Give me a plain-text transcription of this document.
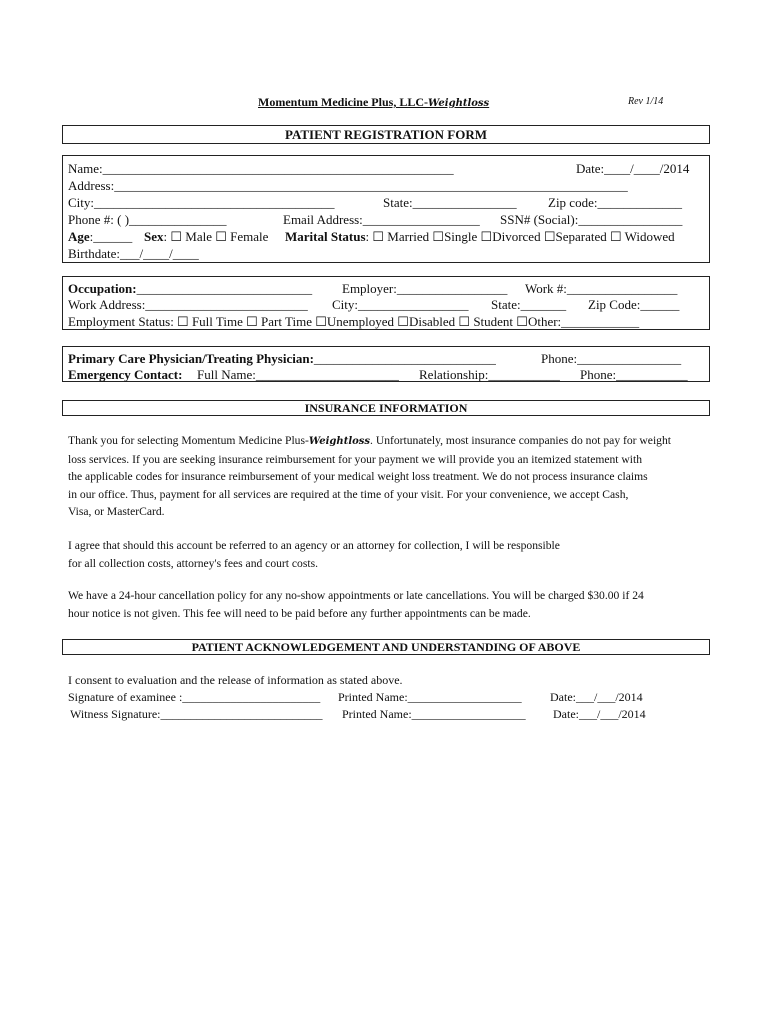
Momentum Medicine Plus, LLC-Weightloss	Rev 1/14
PATIENT REGISTRATION FORM
Name:______________________________________________________	Date:____/____/2014
Address:_______________________________________________________________________________
City:_____________________________________	State:________________ Zip code:_____________
Phone #: ( )_______________	Email Address:__________________ SSN# (Social):________________
Age:______ Sex: ☐ Male ☐ Female Marital Status: ☐ Married ☐Single ☐Divorced ☐Separated ☐ Widowed
Birthdate:___/____/____
Occupation:___________________________ Employer:_________________ Work #:_________________
Work Address:_________________________ City:_________________ State:_______ Zip Code:______
Employment Status: ☐ Full Time ☐ Part Time ☐Unemployed ☐Disabled ☐ Student ☐Other:____________
Primary Care Physician/Treating Physician:____________________________	Phone:________________
Emergency Contact: Full Name:______________________ Relationship:___________ Phone:___________
INSURANCE INFORMATION
Thank you for selecting Momentum Medicine Plus-Weightloss. Unfortunately, most insurance companies do not pay for weight
loss services. If you are seeking insurance reimbursement for your payment we will provide you an itemized statement with
the applicable codes for insurance reimbursement of your medical weight loss treatment. We do not process insurance claims
in our office. Thus, payment for all services are required at the time of your visit. For your convenience, we accept Cash,
Visa, or MasterCard.
I agree that should this account be referred to an agency or an attorney for collection, I will be responsible
for all collection costs, attorney's fees and court costs.
We have a 24-hour cancellation policy for any no-show appointments or late cancellations. You will be charged $30.00 if 24
hour notice is not given. This fee will need to be paid before any further appointments can be made.
PATIENT ACKNOWLEDGEMENT AND UNDERSTANDING OF ABOVE
I consent to evaluation and the release of information as stated above.
Signature of examinee :_______________________ Printed Name:___________________ Date:___/___/2014
Witness Signature:___________________________ Printed Name:___________________ Date:___/___/2014
